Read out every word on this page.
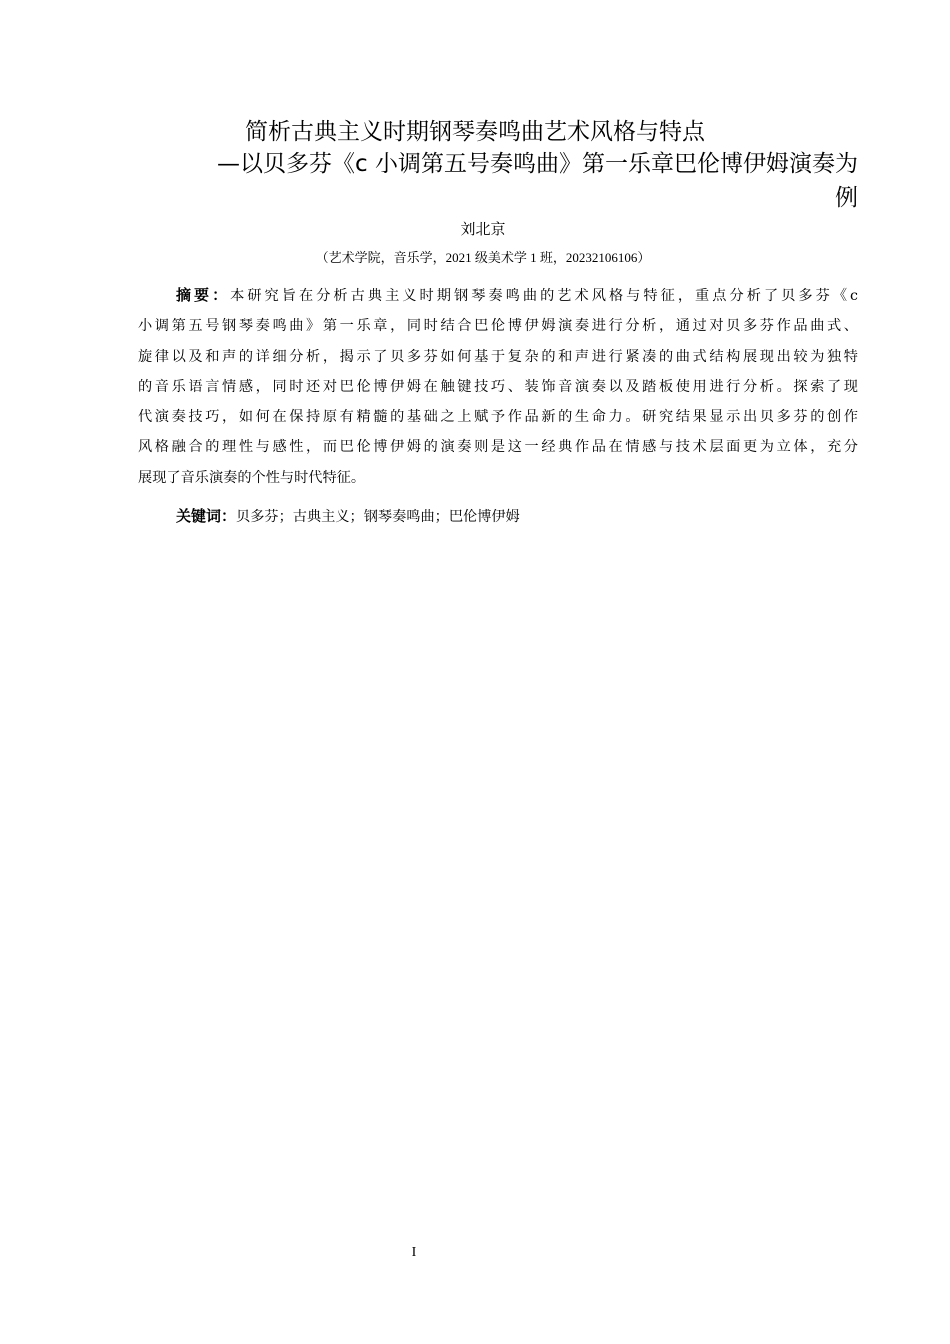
简析古典主义时期钢琴奏鸣曲艺术风格与特点
—以贝多芬《c 小调第五号奏鸣曲》第一乐章巴伦博伊姆演奏为
例
刘北京
（艺术学院，音乐学，2021 级美术学 1 班，20232106106）
摘要：本研究旨在分析古典主义时期钢琴奏鸣曲的艺术风格与特征，重点分析了贝多芬《c
小调第五号钢琴奏鸣曲》第一乐章，同时结合巴伦博伊姆演奏进行分析，通过对贝多芬作品曲式、
旋律以及和声的详细分析，揭示了贝多芬如何基于复杂的和声进行紧凑的曲式结构展现出较为独特
的音乐语言情感，同时还对巴伦博伊姆在触键技巧、装饰音演奏以及踏板使用进行分析。探索了现
代演奏技巧，如何在保持原有精髓的基础之上赋予作品新的生命力。研究结果显示出贝多芬的创作
风格融合的理性与感性，而巴伦博伊姆的演奏则是这一经典作品在情感与技术层面更为立体，充分
展现了音乐演奏的个性与时代特征。
关键词：贝多芬；古典主义；钢琴奏鸣曲；巴伦博伊姆
I
